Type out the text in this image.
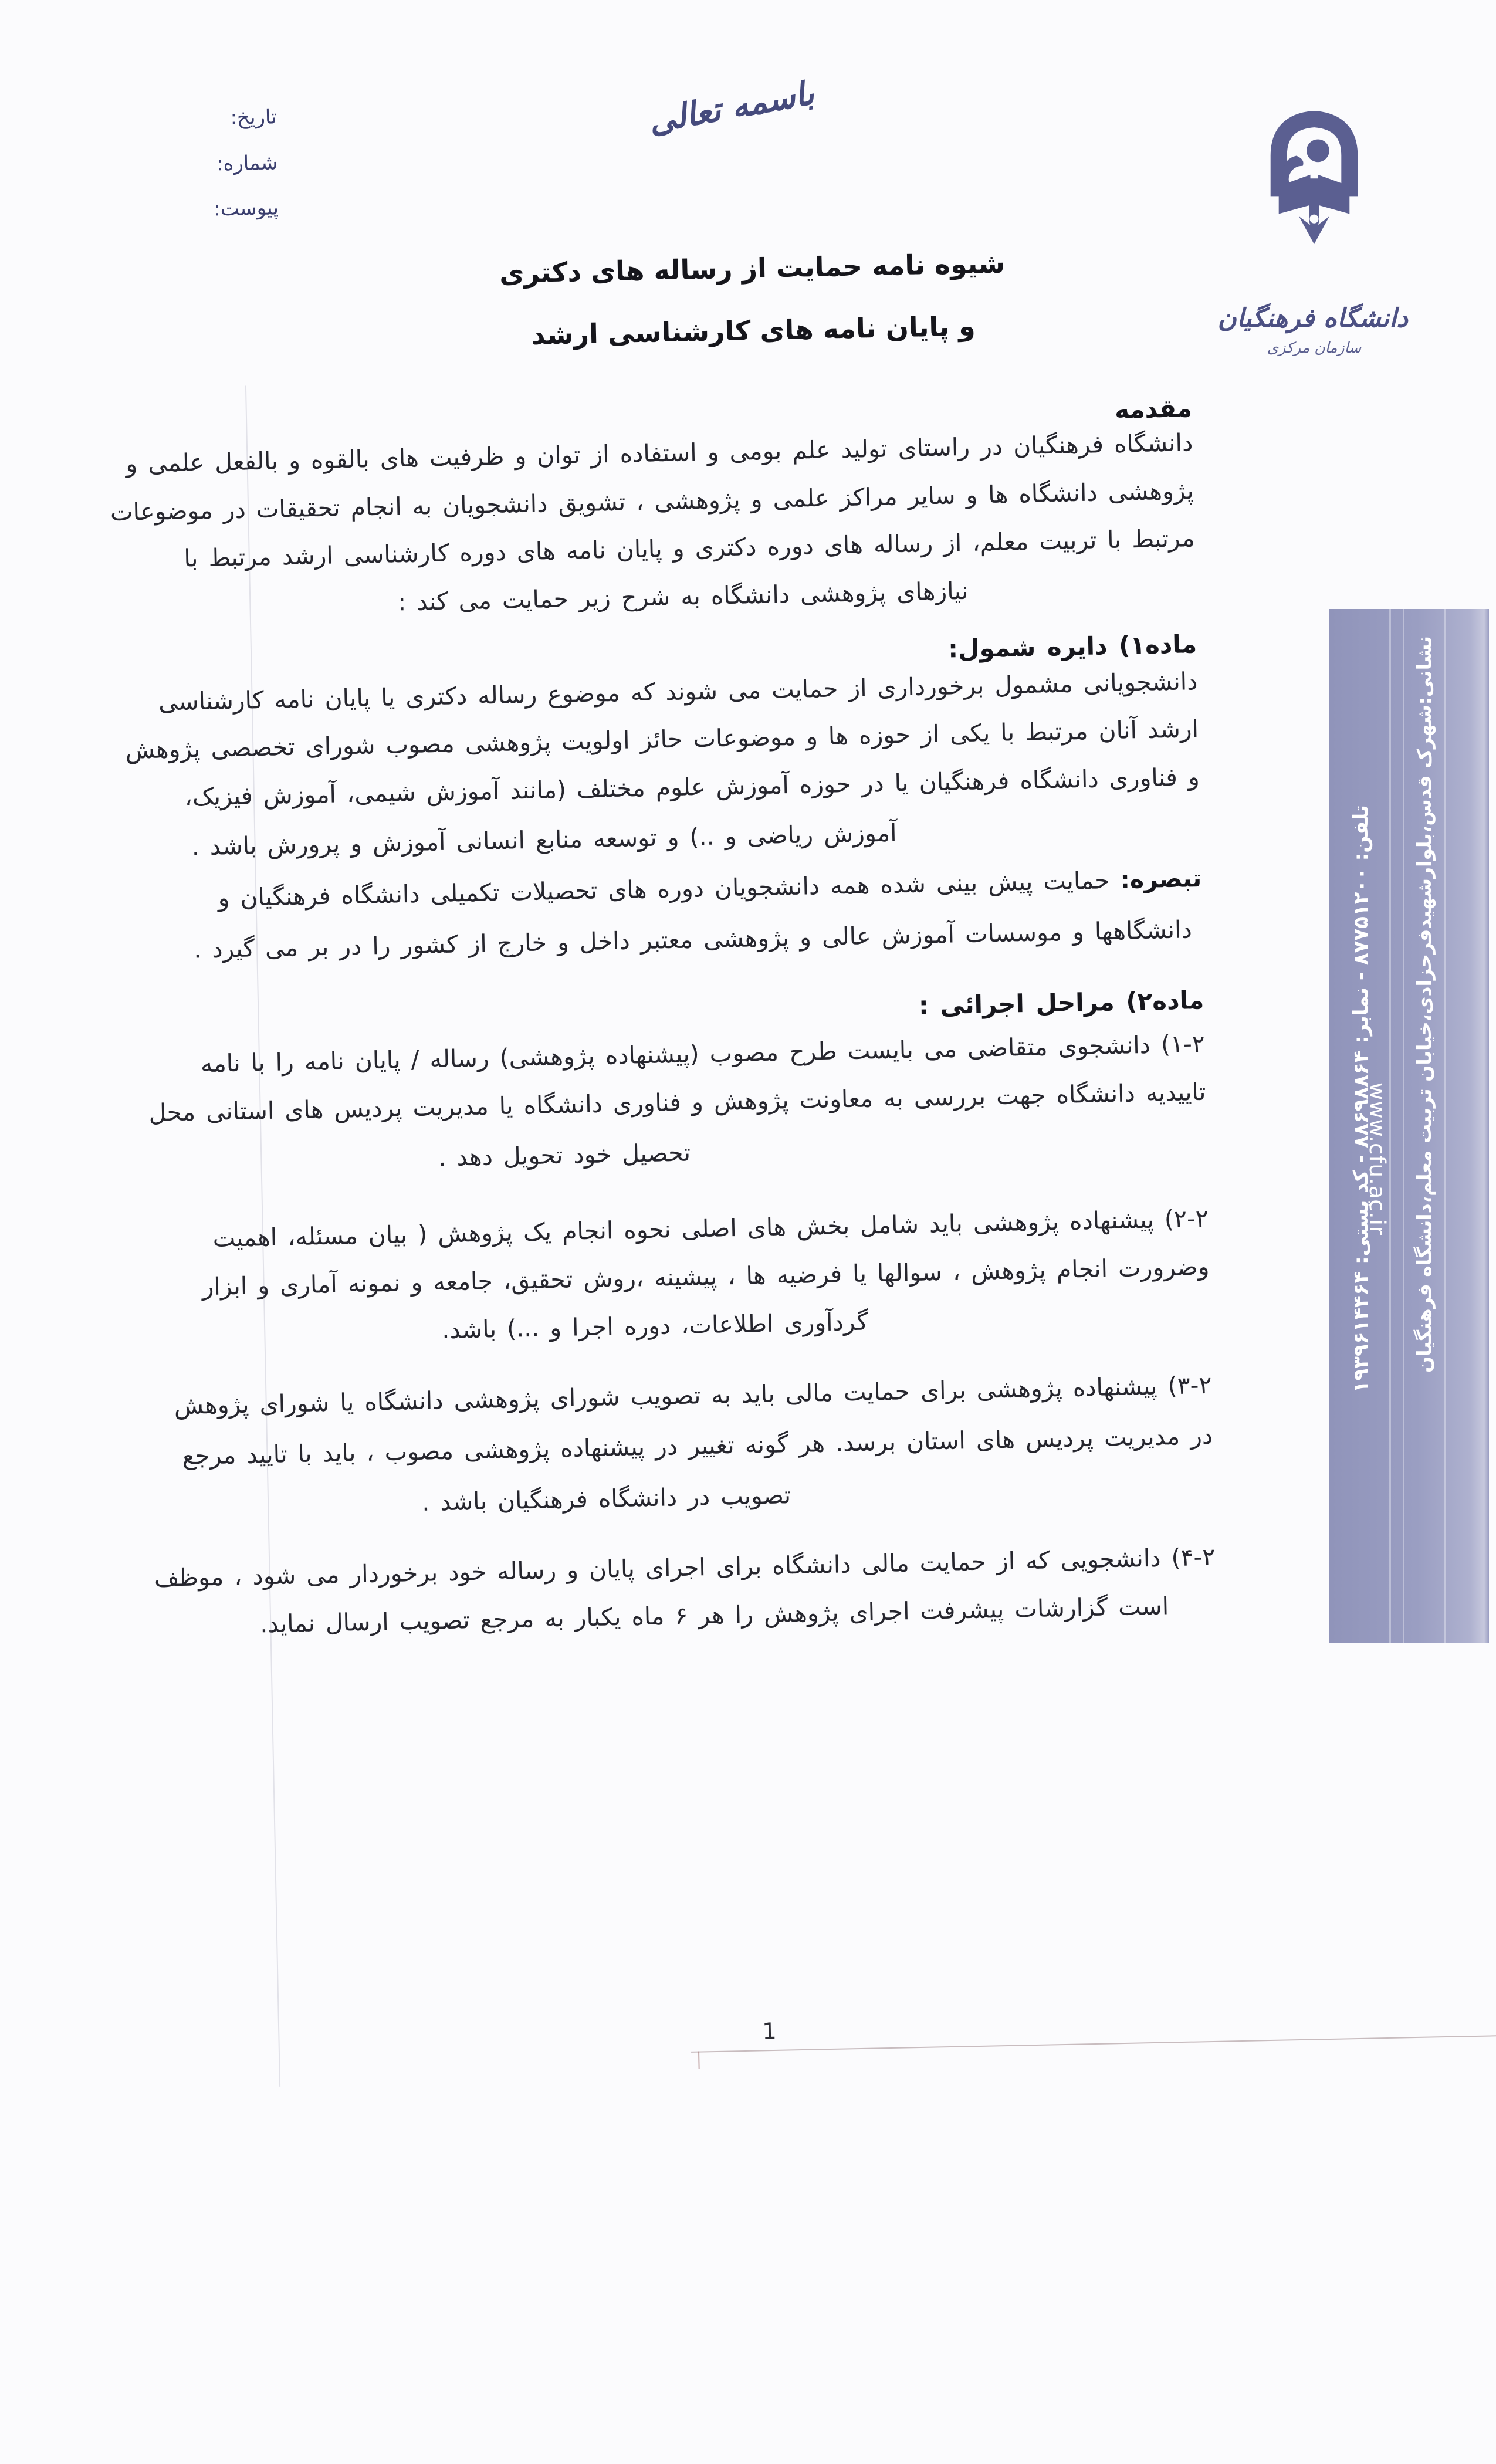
نشانی:شهرک قدس،بلوارشهیدفرحزادی،خیابان تربیت معلم،دانشگاه فرهنگیان
تلفن: ۸۷۷۵۱۲۰۰ - نمابر: ۸۸۶۹۸۸۶۴ - کد پستی: ۱۹۳۹۶۱۴۴۶۴
www.cfu.ac.ir
دانشگاه فرهنگیان
سازمان مرکزی
تاریخ:
شماره:
پیوست:
باسمه تعالی
شیوه نامه حمایت از رساله های دکتری
و پایان نامه های کارشناسی ارشد
مقدمه
دانشگاه فرهنگیان در راستای تولید علم بومی و استفاده از توان و ظرفیت های بالقوه و بالفعل علمی و
پژوهشی دانشگاه ها و سایر مراکز علمی و پژوهشی ، تشویق دانشجویان به انجام تحقیقات در موضوعات
مرتبط با تربیت معلم، از رساله های دوره دکتری و پایان نامه های دوره کارشناسی ارشد مرتبط با
نیازهای پژوهشی دانشگاه به شرح زیر حمایت می کند :
ماده۱) دایره شمول:
دانشجویانی مشمول برخورداری از حمایت می شوند که موضوع رساله دکتری یا پایان نامه کارشناسی
ارشد آنان مرتبط با یکی از حوزه ها و موضوعات حائز اولویت پژوهشی مصوب شورای تخصصی پژوهش
و فناوری دانشگاه فرهنگیان یا در حوزه آموزش علوم مختلف (مانند آموزش شیمی، آموزش فیزیک،
آموزش ریاضی و ..) و توسعه منابع انسانی آموزش و پرورش باشد .
تبصره: حمایت پیش بینی شده همه دانشجویان دوره های تحصیلات تکمیلی دانشگاه فرهنگیان و
دانشگاهها و موسسات آموزش عالی و پژوهشی معتبر داخل و خارج از کشور را در بر می گیرد .
ماده۲) مراحل اجرائی :
۱-۲) دانشجوی متقاضی می بایست طرح مصوب (پیشنهاده پژوهشی) رساله / پایان نامه را با نامه
تاییدیه دانشگاه جهت بررسی به معاونت پژوهش و فناوری دانشگاه یا مدیریت پردیس های استانی محل
تحصیل خود تحویل دهد .
۲-۲) پیشنهاده پژوهشی باید شامل بخش های اصلی نحوه انجام یک پژوهش ( بیان مسئله، اهمیت
وضرورت انجام پژوهش ، سوالها یا فرضیه ها ، پیشینه ،روش تحقیق، جامعه و نمونه آماری و ابزار
گردآوری اطلاعات، دوره اجرا و ...) باشد.
۳-۲) پیشنهاده پژوهشی برای حمایت مالی باید به تصویب شورای پژوهشی دانشگاه یا شورای پژوهش
در مدیریت پردیس های استان برسد. هر گونه تغییر در پیشنهاده پژوهشی مصوب ، باید با تایید مرجع
تصویب در دانشگاه فرهنگیان باشد .
۴-۲) دانشجویی که از حمایت مالی دانشگاه برای اجرای پایان و رساله خود برخوردار می شود ، موظف
است گزارشات پیشرفت اجرای پژوهش را هر ۶ ماه یکبار به مرجع تصویب ارسال نماید.
1
